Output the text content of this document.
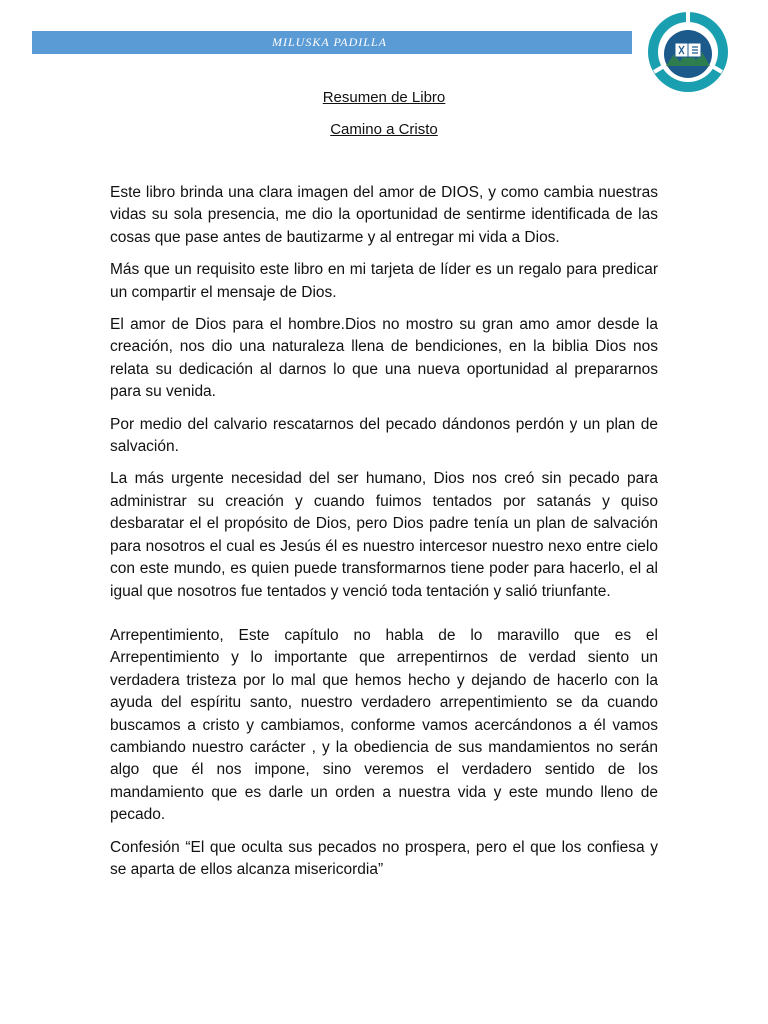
MILUSKA PADILLA
Resumen de Libro
Camino a Cristo

Este libro brinda una clara imagen del amor de DIOS, y como cambia nuestras vidas su sola presencia, me dio la oportunidad de sentirme identificada de las cosas que pase antes de bautizarme y al entregar mi vida a Dios.

Más que un requisito este libro en mi tarjeta de líder es un regalo para predicar un compartir el mensaje de Dios.

El amor de Dios para el hombre.Dios no mostro su gran amo amor desde la creación, nos dio una naturaleza llena de bendiciones, en la biblia Dios nos relata su dedicación al darnos lo que una nueva oportunidad al prepararnos para su venida.

Por medio del calvario rescatarnos del pecado dándonos perdón y un plan de salvación.

La más urgente necesidad del ser humano, Dios nos creó sin pecado para administrar su creación y cuando fuimos tentados por satanás y quiso desbaratar el el propósito de Dios, pero Dios padre tenía un plan de salvación para nosotros el cual es Jesús él es nuestro intercesor nuestro nexo entre cielo con este mundo, es quien puede transformarnos tiene poder para hacerlo, el al igual que nosotros fue tentados y venció toda tentación y salió triunfante.

Arrepentimiento, Este capítulo no habla de lo maravillo que es el Arrepentimiento y lo importante que arrepentirnos de verdad siento un verdadera tristeza por lo mal que hemos hecho y dejando de hacerlo con la ayuda del espíritu santo, nuestro verdadero arrepentimiento se da cuando buscamos a cristo y cambiamos, conforme vamos acercándonos a él vamos cambiando nuestro carácter , y la obediencia de sus mandamientos no serán algo que él nos impone, sino veremos el verdadero sentido de los mandamiento que es darle un orden a nuestra vida y este mundo lleno de pecado.

Confesión “El que oculta sus pecados no prospera, pero el que los confiesa y se aparta de ellos alcanza misericordia”
